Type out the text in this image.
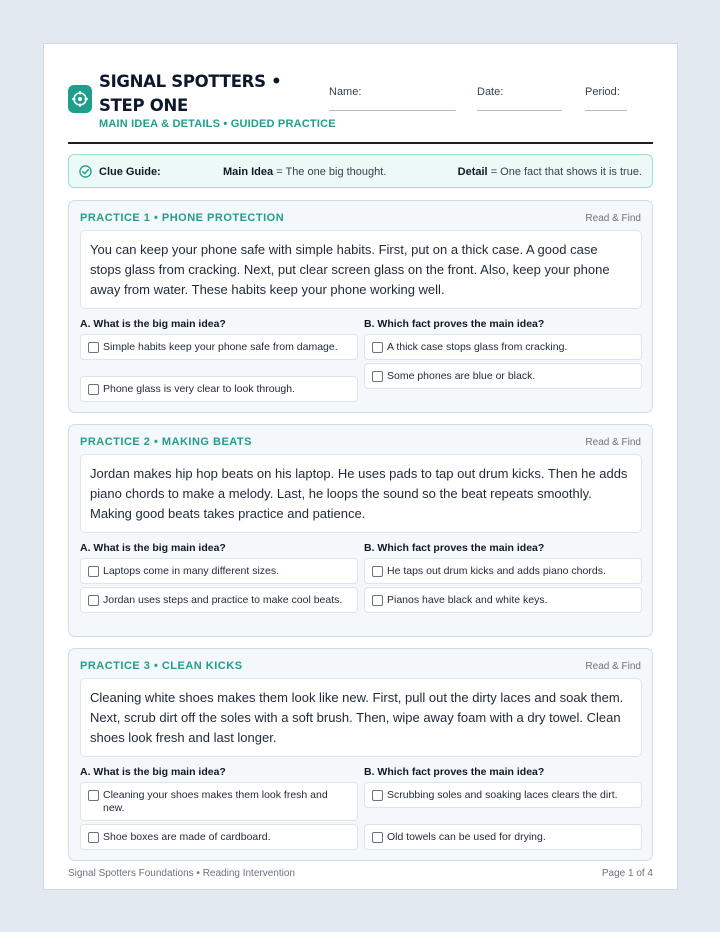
SIGNAL SPOTTERS • STEP ONE
MAIN IDEA & DETAILS • GUIDED PRACTICE
Name:	Date:	Period:
Clue Guide:	Main Idea = The one big thought.	Detail = One fact that shows it is true.
PRACTICE 1 • PHONE PROTECTION	Read & Find
You can keep your phone safe with simple habits. First, put on a thick case. A good case stops glass from cracking. Next, put clear screen glass on the front. Also, keep your phone away from water. These habits keep your phone working well.
A. What is the big main idea?	B. Which fact proves the main idea?
Simple habits keep your phone safe from damage.
Phone glass is very clear to look through.
A thick case stops glass from cracking.
Some phones are blue or black.
PRACTICE 2 • MAKING BEATS	Read & Find
Jordan makes hip hop beats on his laptop. He uses pads to tap out drum kicks. Then he adds piano chords to make a melody. Last, he loops the sound so the beat repeats smoothly. Making good beats takes practice and patience.
A. What is the big main idea?	B. Which fact proves the main idea?
Laptops come in many different sizes.
Jordan uses steps and practice to make cool beats.
He taps out drum kicks and adds piano chords.
Pianos have black and white keys.
PRACTICE 3 • CLEAN KICKS	Read & Find
Cleaning white shoes makes them look like new. First, pull out the dirty laces and soak them. Next, scrub dirt off the soles with a soft brush. Then, wipe away foam with a dry towel. Clean shoes look fresh and last longer.
A. What is the big main idea?	B. Which fact proves the main idea?
Cleaning your shoes makes them look fresh and new.
Shoe boxes are made of cardboard.
Scrubbing soles and soaking laces clears the dirt.
Old towels can be used for drying.
Signal Spotters Foundations • Reading Intervention	Page 1 of 4
